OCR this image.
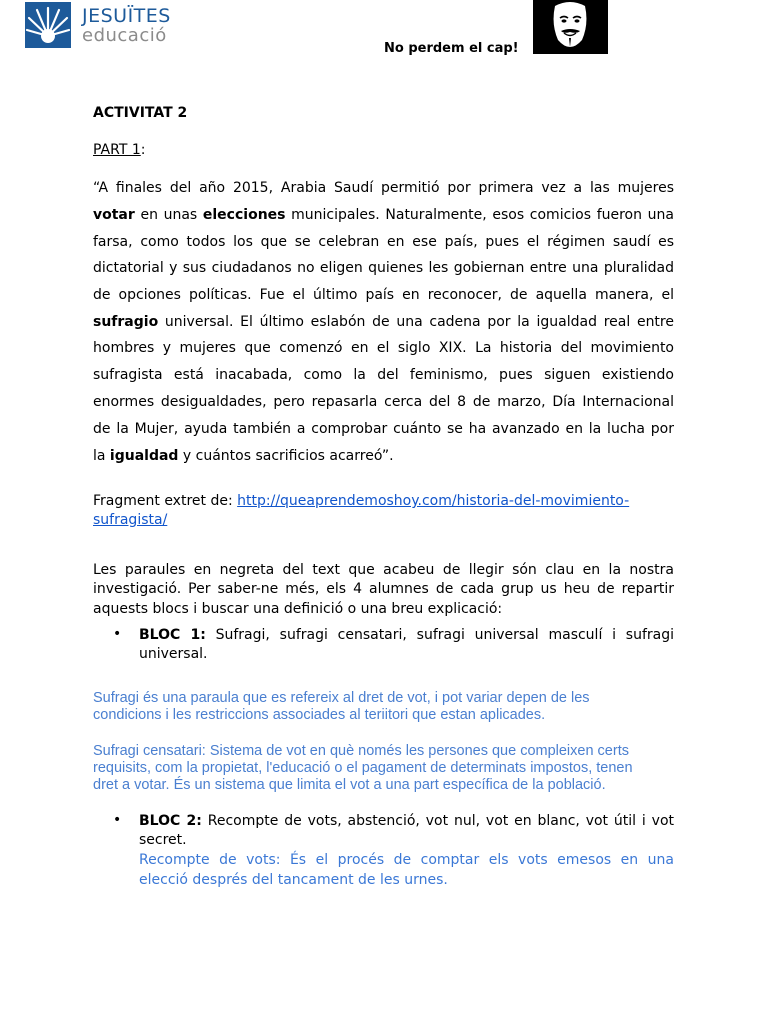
JESUÏTES
educació
No perdem el cap!
ACTIVITAT 2
PART 1:
“A finales del año 2015, Arabia Saudí permitió por primera vez a las mujeres
votar en unas elecciones municipales. Naturalmente, esos comicios fueron una
farsa, como todos los que se celebran en ese país, pues el régimen saudí es
dictatorial y sus ciudadanos no eligen quienes les gobiernan entre una pluralidad
de opciones políticas. Fue el último país en reconocer, de aquella manera, el
sufragio universal. El último eslabón de una cadena por la igualdad real entre
hombres y mujeres que comenzó en el siglo XIX. La historia del movimiento
sufragista está inacabada, como la del feminismo, pues siguen existiendo
enormes desigualdades, pero repasarla cerca del 8 de marzo, Día Internacional
de la Mujer, ayuda también a comprobar cuánto se ha avanzado en la lucha por
la igualdad y cuántos sacrificios acarreó”.
Fragment extret de: http://queaprendemoshoy.com/historia-del-movimiento-
sufragista/
Les paraules en negreta del text que acabeu de llegir són clau en la nostra
investigació. Per saber-ne més, els 4 alumnes de cada grup us heu de repartir
aquests blocs i buscar una definició o una breu explicació:
• BLOC 1: Sufragi, sufragi censatari, sufragi universal masculí i sufragi
universal.
Sufragi és una paraula que es refereix al dret de vot, i pot variar depen de les
condicions i les restriccions associades al teriitori que estan aplicades.
Sufragi censatari: Sistema de vot en què només les persones que compleixen certs
requisits, com la propietat, l'educació o el pagament de determinats impostos, tenen
dret a votar. És un sistema que limita el vot a una part específica de la població.
• BLOC 2: Recompte de vots, abstenció, vot nul, vot en blanc, vot útil i vot
secret.
Recompte de vots: És el procés de comptar els vots emesos en una
elecció després del tancament de les urnes.
